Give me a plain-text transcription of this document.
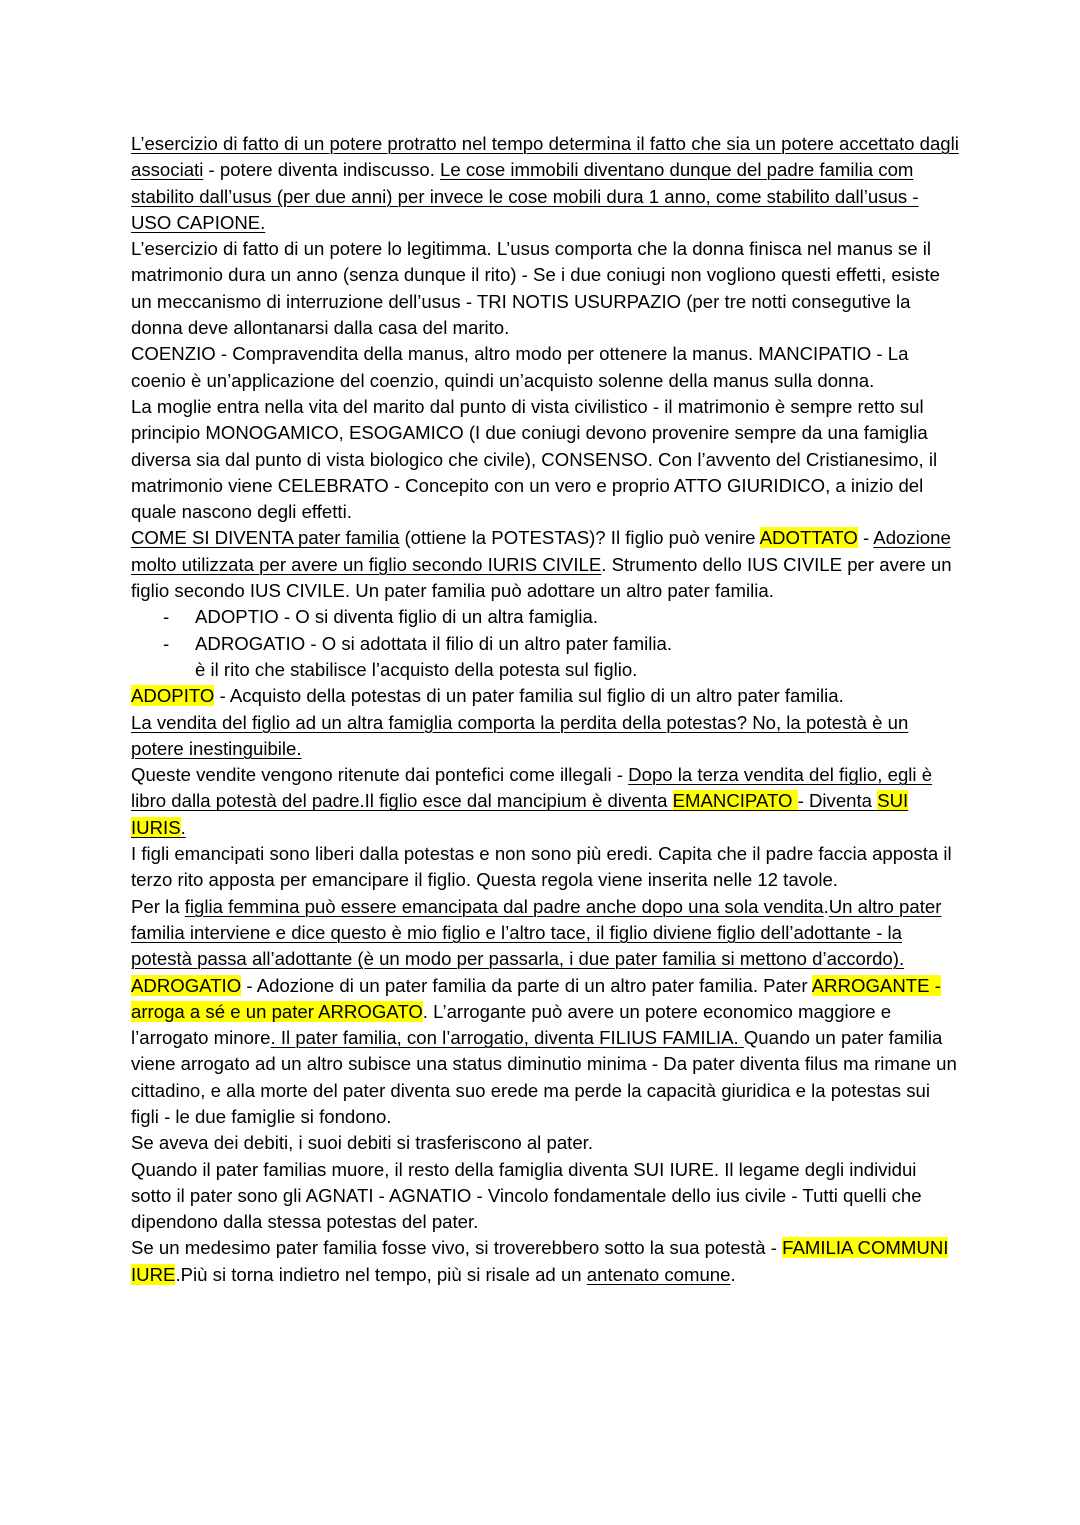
L’esercizio di fatto di un potere protratto nel tempo determina il fatto che sia un potere accettato dagli associati - potere diventa indiscusso. Le cose immobili diventano dunque del padre familia com stabilito dall’usus (per due anni) per invece le cose mobili dura 1 anno, come stabilito dall’usus - USO CAPIONE.

L’esercizio di fatto di un potere lo legitimma. L’usus comporta che la donna finisca nel manus se il matrimonio dura un anno (senza dunque il rito) - Se i due coniugi non vogliono questi effetti, esiste un meccanismo di interruzione dell’usus - TRI NOTIS USURPAZIO (per tre notti consegutive la donna deve allontanarsi dalla casa del marito.

COENZIO - Compravendita della manus, altro modo per ottenere la manus. MANCIPATIO - La coenio è un’applicazione del coenzio, quindi un’acquisto solenne della manus sulla donna.

La moglie entra nella vita del marito dal punto di vista civilistico - il matrimonio è sempre retto sul principio MONOGAMICO, ESOGAMICO (I due coniugi devono provenire sempre da una famiglia diversa sia dal punto di vista biologico che civile), CONSENSO. Con l’avvento del Cristianesimo, il matrimonio viene CELEBRATO - Concepito con un vero e proprio ATTO GIURIDICO, a inizio del quale nascono degli effetti.

COME SI DIVENTA pater familia (ottiene la POTESTAS)? Il figlio può venire ADOTTATO - Adozione molto utilizzata per avere un figlio secondo IURIS CIVILE. Strumento dello IUS CIVILE per avere un figlio secondo IUS CIVILE. Un pater familia può adottare un altro pater familia.

- ADOPTIO - O si diventa figlio di un altra famiglia.
- ADROGATIO - O si adottata il filio di un altro pater familia.

è il rito che stabilisce l’acquisto della potesta sul figlio.

ADOPITO - Acquisto della potestas di un pater familia sul figlio di un altro pater familia.

La vendita del figlio ad un altra famiglia comporta la perdita della potestas? No, la potestà è un potere inestinguibile.

Queste vendite vengono ritenute dai pontefici come illegali - Dopo la terza vendita del figlio, egli è libro dalla potestà del padre.Il figlio esce dal mancipium è diventa EMANCIPATO - Diventa SUI IURIS.

I figli emancipati sono liberi dalla potestas e non sono più eredi. Capita che il padre faccia apposta il terzo rito apposta per emancipare il figlio. Questa regola viene inserita nelle 12 tavole.

Per la figlia femmina può essere emancipata dal padre anche dopo una sola vendita.Un altro pater familia interviene e dice questo è mio figlio e l’altro tace, il figlio diviene figlio dell’adottante - la potestà passa all’adottante (è un modo per passarla, i due pater familia si mettono d’accordo).

ADROGATIO - Adozione di un pater familia da parte di un altro pater familia. Pater ARROGANTE - arroga a sé e un pater ARROGATO. L’arrogante può avere un potere economico maggiore e l’arrogato minore. Il pater familia, con l’arrogatio, diventa FILIUS FAMILIA. Quando un pater familia viene arrogato ad un altro subisce una status diminutio minima - Da pater diventa filus ma rimane un cittadino, e alla morte del pater diventa suo erede ma perde la capacità giuridica e la potestas sui figli - le due famiglie si fondono.

Se aveva dei debiti, i suoi debiti si trasferiscono al pater.

Quando il pater familias muore, il resto della famiglia diventa SUI IURE. Il legame degli individui sotto il pater sono gli AGNATI - AGNATIO - Vincolo fondamentale dello ius civile - Tutti quelli che dipendono dalla stessa potestas del pater.

Se un medesimo pater familia fosse vivo, si troverebbero sotto la sua potestà - FAMILIA COMMUNI IURE.Più si torna indietro nel tempo, più si risale ad un antenato comune.
